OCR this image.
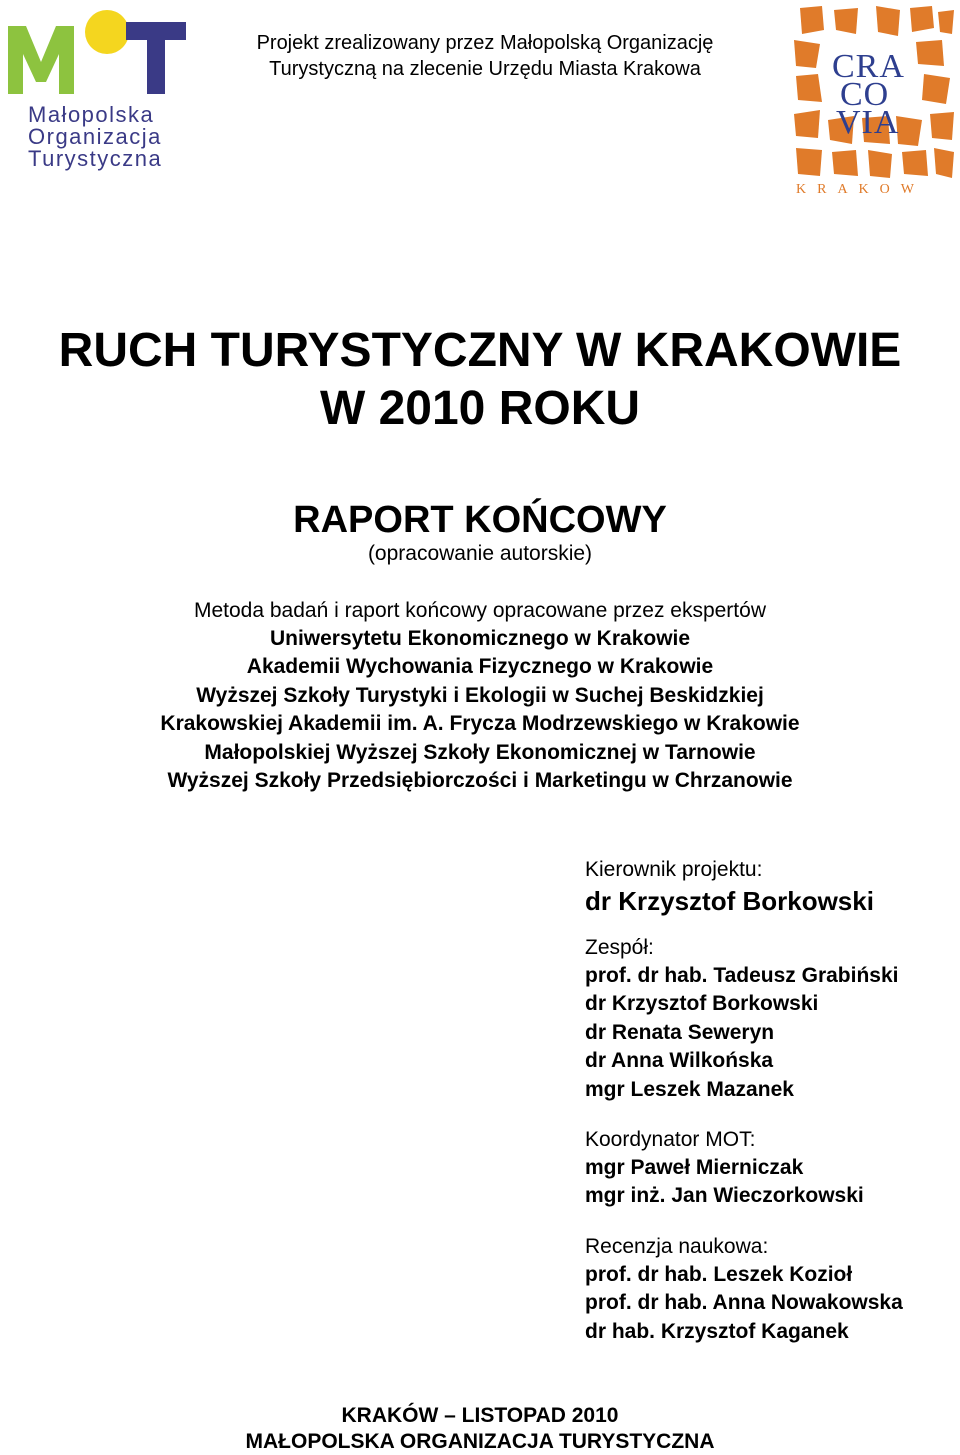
Małopolska
Organizacja
Turystyczna
Projekt zrealizowany przez Małopolską Organizację
Turystyczną na zlecenie Urzędu Miasta Krakowa	CRA
CO
VIA
KRAKOW
RUCH TURYSTYCZNY W KRAKOWIE
W 2010 ROKU
RAPORT KOŃCOWY
(opracowanie autorskie)
Metoda badań i raport końcowy opracowane przez ekspertów
Uniwersytetu Ekonomicznego w Krakowie
Akademii Wychowania Fizycznego w Krakowie
Wyższej Szkoły Turystyki i Ekologii w Suchej Beskidzkiej
Krakowskiej Akademii im. A. Frycza Modrzewskiego w Krakowie
Małopolskiej Wyższej Szkoły Ekonomicznej w Tarnowie
Wyższej Szkoły Przedsiębiorczości i Marketingu w Chrzanowie
Kierownik projektu:
dr Krzysztof Borkowski
Zespół:
prof. dr hab. Tadeusz Grabiński
dr Krzysztof Borkowski
dr Renata Seweryn
dr Anna Wilkońska
mgr Leszek Mazanek
Koordynator MOT:
mgr Paweł Mierniczak
mgr inż. Jan Wieczorkowski
Recenzja naukowa:
prof. dr hab. Leszek Kozioł
prof. dr hab. Anna Nowakowska
dr hab. Krzysztof Kaganek
KRAKÓW – LISTOPAD 2010
MAŁOPOLSKA ORGANIZACJA TURYSTYCZNA
